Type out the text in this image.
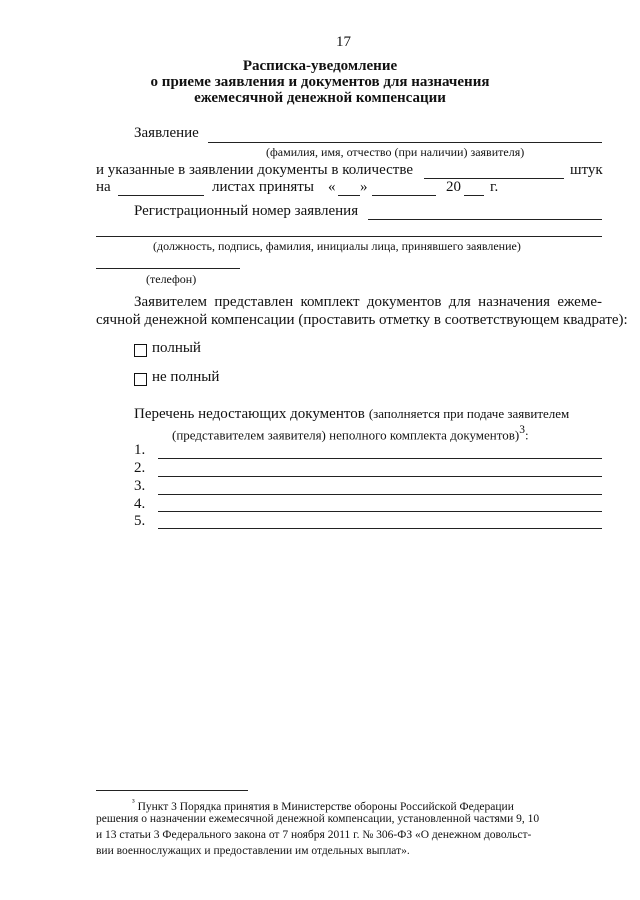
17
Расписка-уведомление
о приеме заявления и документов для назначения
ежемесячной денежной компенсации
Заявление
(фамилия, имя, отчество (при наличии) заявителя)
и указанные в заявлении документы в количестве	штук
на	листах приняты « »	20 г.
Регистрационный номер заявления
(должность, подпись, фамилия, инициалы лица, принявшего заявление)
(телефон)
Заявителем представлен комплект документов для назначения ежеме-
сячной денежной компенсации (проставить отметку в соответствующем квадрате):
полный
не полный
Перечень недостающих документов (заполняется при подаче заявителем
(представителем заявителя) неполного комплекта документов)$^3$:
1.
2.
3.
4.
5.
$^{^3}$ Пункт 3 Порядка принятия в Министерстве обороны Российской Федерации
решения о назначении ежемесячной денежной компенсации, установленной частями 9, 10
и 13 статьи 3 Федерального закона от 7 ноября 2011 г. № 306-ФЗ «О денежном довольст-
вии военнослужащих и предоставлении им отдельных выплат».
